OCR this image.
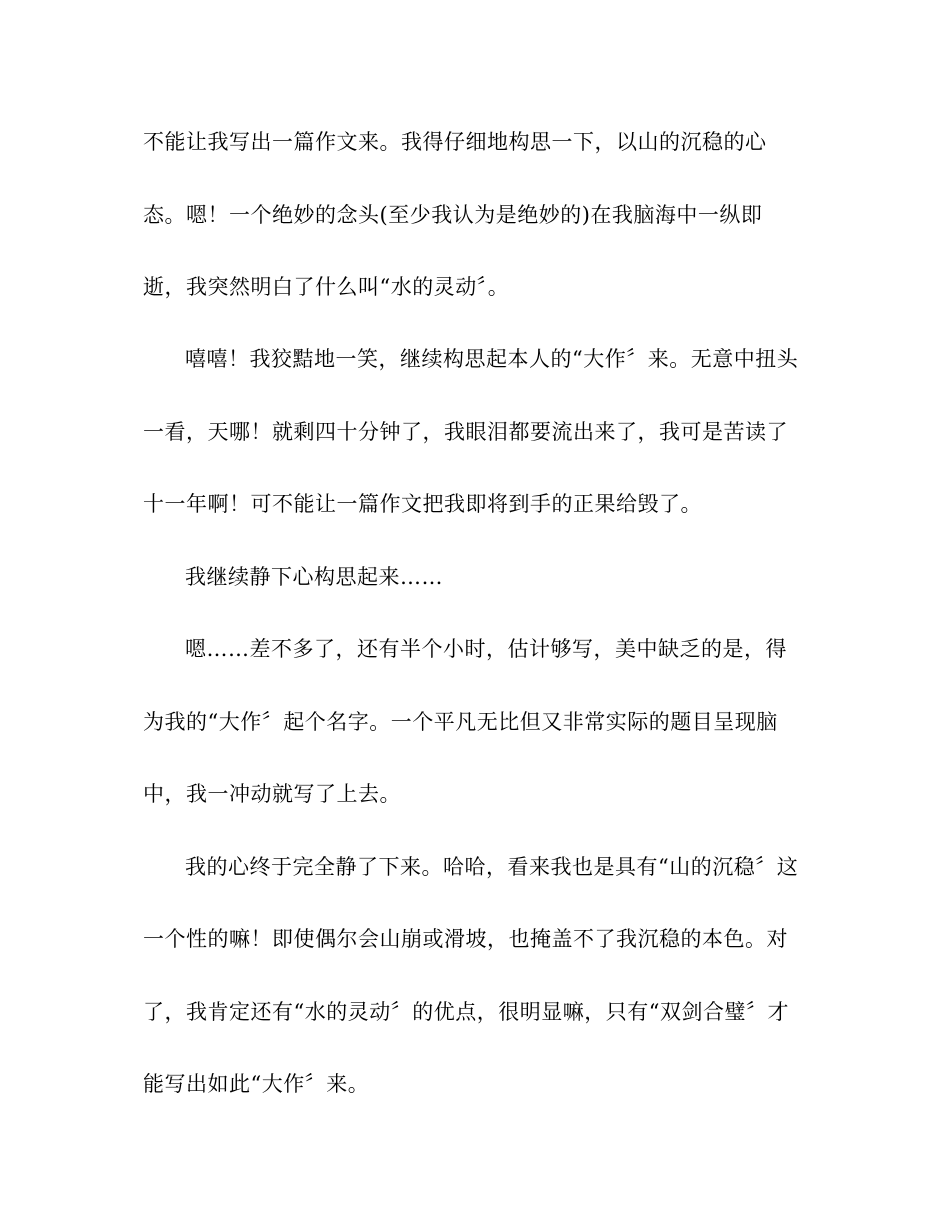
不能让我写出一篇作文来。我得仔细地构思一下，以山的沉稳的心
态。嗯！一个绝妙的念头(至少我认为是绝妙的)在我脑海中一纵即
逝，我突然明白了什么叫“水的灵动〞。
嘻嘻！我狡黠地一笑，继续构思起本人的“大作〞来。无意中扭头
一看，天哪！就剩四十分钟了，我眼泪都要流出来了，我可是苦读了
十一年啊！可不能让一篇作文把我即将到手的正果给毁了。
我继续静下心构思起来……
嗯……差不多了，还有半个小时，估计够写，美中缺乏的是，得
为我的“大作〞起个名字。一个平凡无比但又非常实际的题目呈现脑
中，我一冲动就写了上去。
我的心终于完全静了下来。哈哈，看来我也是具有“山的沉稳〞这
一个性的嘛！即使偶尔会山崩或滑坡，也掩盖不了我沉稳的本色。对
了，我肯定还有“水的灵动〞的优点，很明显嘛，只有“双剑合璧〞才
能写出如此“大作〞来。
